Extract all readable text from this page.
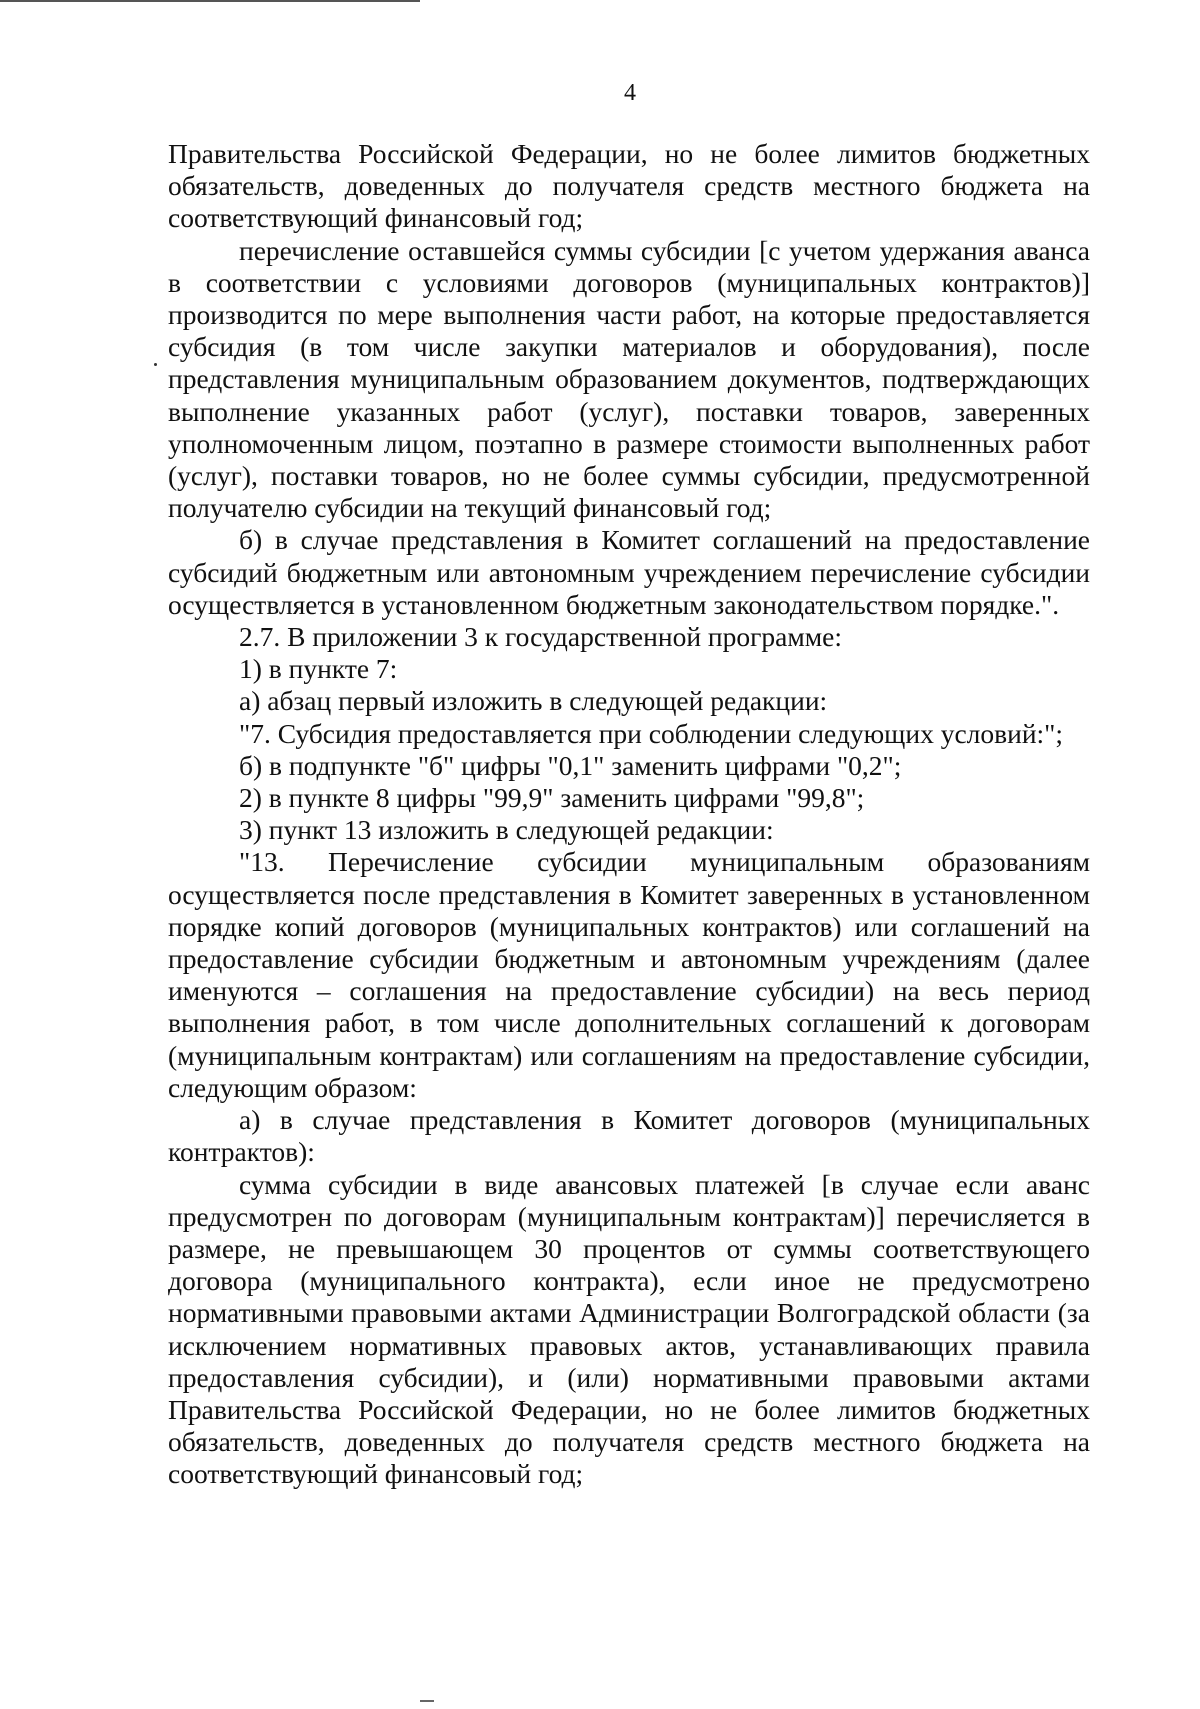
4

Правительства Российской Федерации, но не более лимитов бюджетных обязательств, доведенных до получателя средств местного бюджета на соответствующий финансовый год;

перечисление оставшейся суммы субсидии [с учетом удержания аванса в соответствии с условиями договоров (муниципальных контрактов)] производится по мере выполнения части работ, на которые предоставляется субсидия (в том числе закупки материалов и оборудования), после представления муниципальным образованием документов, подтверждающих выполнение указанных работ (услуг), поставки товаров, заверенных уполномоченным лицом, поэтапно в размере стоимости выполненных работ (услуг), поставки товаров, но не более суммы субсидии, предусмотренной получателю субсидии на текущий финансовый год;

б) в случае представления в Комитет соглашений на предоставление субсидий бюджетным или автономным учреждением перечисление субсидии осуществляется в установленном бюджетным законодательством порядке.".

2.7. В приложении 3 к государственной программе:

1) в пункте 7:

а) абзац первый изложить в следующей редакции:

"7. Субсидия предоставляется при соблюдении следующих условий:";

б) в подпункте "б" цифры "0,1" заменить цифрами "0,2";

2) в пункте 8 цифры "99,9" заменить цифрами "99,8";

3) пункт 13 изложить в следующей редакции:

"13. Перечисление субсидии муниципальным образованиям осуществляется после представления в Комитет заверенных в установленном порядке копий договоров (муниципальных контрактов) или соглашений на предоставление субсидии бюджетным и автономным учреждениям (далее именуются – соглашения на предоставление субсидии) на весь период выполнения работ, в том числе дополнительных соглашений к договорам (муниципальным контрактам) или соглашениям на предоставление субсидии, следующим образом:

а) в случае представления в Комитет договоров (муниципальных контрактов):

сумма субсидии в виде авансовых платежей [в случае если аванс предусмотрен по договорам (муниципальным контрактам)] перечисляется в размере, не превышающем 30 процентов от суммы соответствующего договора (муниципального контракта), если иное не предусмотрено нормативными правовыми актами Администрации Волгоградской области (за исключением нормативных правовых актов, устанавливающих правила предоставления субсидии), и (или) нормативными правовыми актами Правительства Российской Федерации, но не более лимитов бюджетных обязательств, доведенных до получателя средств местного бюджета на соответствующий финансовый год;
